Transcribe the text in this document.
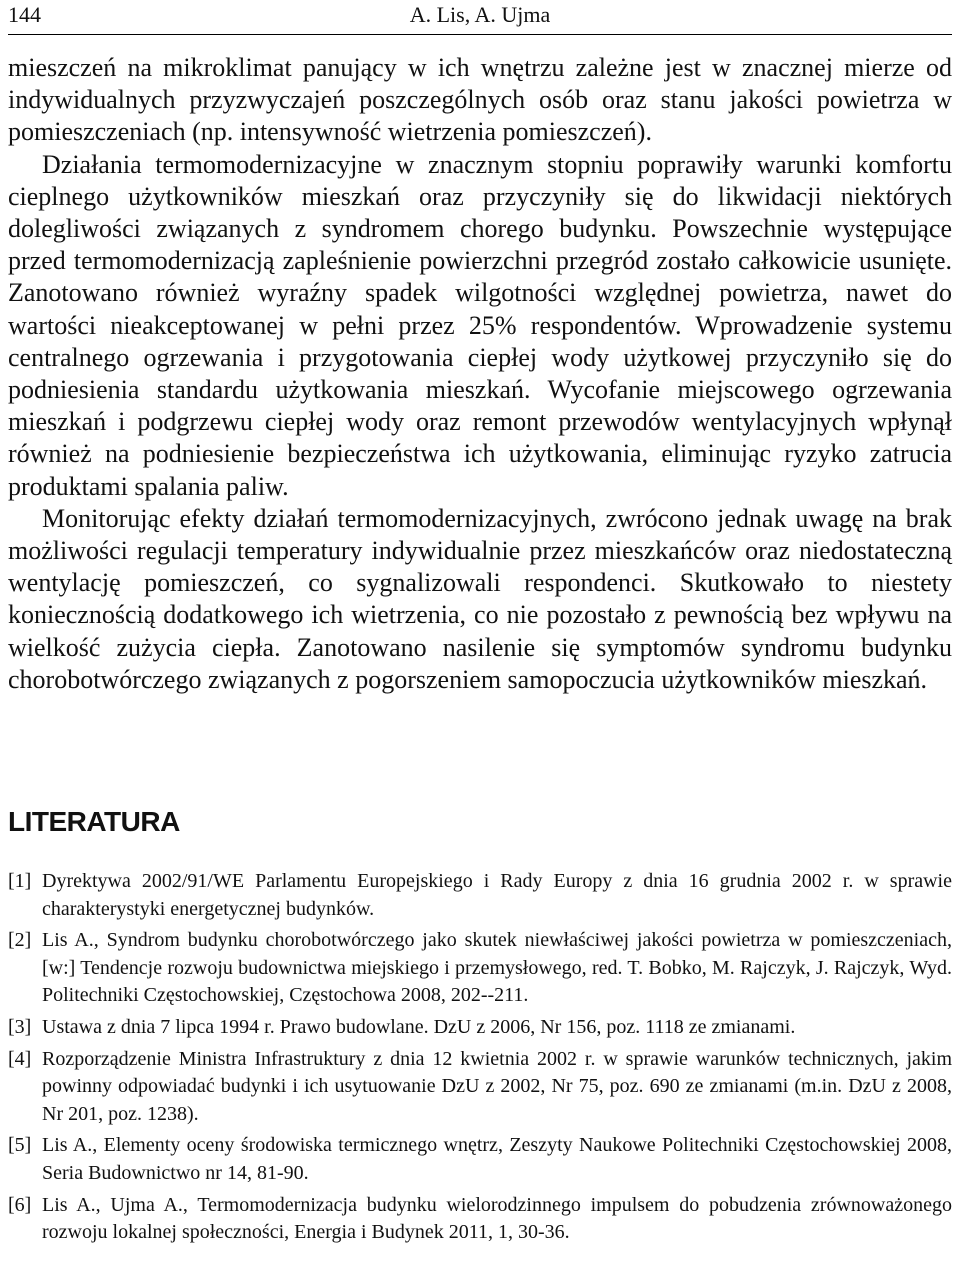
144	A. Lis, A. Ujma

mieszczeń na mikroklimat panujący w ich wnętrzu zależne jest w znacznej mierze od indywidualnych przyzwyczajeń poszczególnych osób oraz stanu jakości powietrza w pomieszczeniach (np. intensywność wietrzenia pomieszczeń).

Działania termomodernizacyjne w znacznym stopniu poprawiły warunki komfortu cieplnego użytkowników mieszkań oraz przyczyniły się do likwidacji niektórych dolegliwości związanych z syndromem chorego budynku. Powszechnie występujące przed termomodernizacją zapleśnienie powierzchni przegród zostało całkowicie usunięte. Zanotowano również wyraźny spadek wilgotności względnej powietrza, nawet do wartości nieakceptowanej w pełni przez 25% respondentów. Wprowadzenie systemu centralnego ogrzewania i przygotowania ciepłej wody użytkowej przyczyniło się do podniesienia standardu użytkowania mieszkań. Wycofanie miejscowego ogrzewania mieszkań i podgrzewu ciepłej wody oraz remont przewodów wentylacyjnych wpłynął również na podniesienie bezpieczeństwa ich użytkowania, eliminując ryzyko zatrucia produktami spalania paliw.

Monitorując efekty działań termomodernizacyjnych, zwrócono jednak uwagę na brak możliwości regulacji temperatury indywidualnie przez mieszkańców oraz niedostateczną wentylację pomieszczeń, co sygnalizowali respondenci. Skutkowało to niestety koniecznością dodatkowego ich wietrzenia, co nie pozostało z pewnością bez wpływu na wielkość zużycia ciepła. Zanotowano nasilenie się symptomów syndromu budynku chorobotwórczego związanych z pogorszeniem samopoczucia użytkowników mieszkań.

LITERATURA
[1] Dyrektywa 2002/91/WE Parlamentu Europejskiego i Rady Europy z dnia 16 grudnia 2002 r. w sprawie charakterystyki energetycznej budynków.
[2] Lis A., Syndrom budynku chorobotwórczego jako skutek niewłaściwej jakości powietrza w pomieszczeniach, [w:] Tendencje rozwoju budownictwa miejskiego i przemysłowego, red. T. Bobko, M. Rajczyk, J. Rajczyk, Wyd. Politechniki Częstochowskiej, Częstochowa 2008, 202--211.
[3] Ustawa z dnia 7 lipca 1994 r. Prawo budowlane. DzU z 2006, Nr 156, poz. 1118 ze zmianami.
[4] Rozporządzenie Ministra Infrastruktury z dnia 12 kwietnia 2002 r. w sprawie warunków technicznych, jakim powinny odpowiadać budynki i ich usytuowanie DzU z 2002, Nr 75, poz. 690 ze zmianami (m.in. DzU z 2008, Nr 201, poz. 1238).
[5] Lis A., Elementy oceny środowiska termicznego wnętrz, Zeszyty Naukowe Politechniki Częstochowskiej 2008, Seria Budownictwo nr 14, 81-90.
[6] Lis A., Ujma A., Termomodernizacja budynku wielorodzinnego impulsem do pobudzenia zrównoważonego rozwoju lokalnej społeczności, Energia i Budynek 2011, 1, 30-36.
